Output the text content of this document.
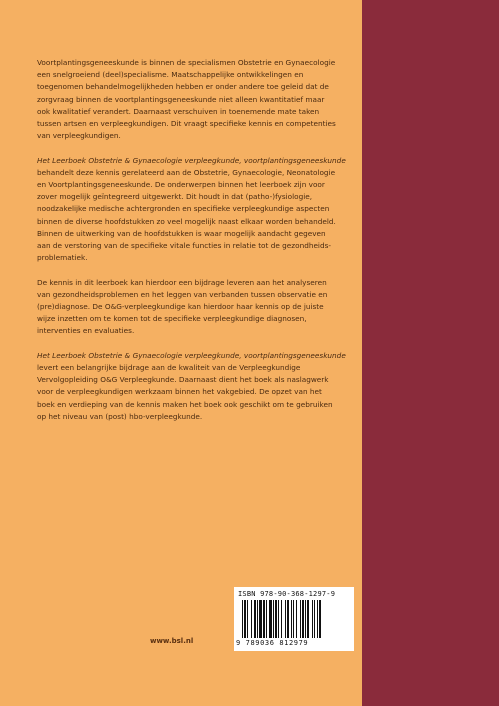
Voortplantingsgeneeskunde is binnen de specialismen Obstetrie en Gynaecologie
een snelgroeiend (deel)specialisme. Maatschappelijke ontwikkelingen en
toegenomen behandelmogelijkheden hebben er onder andere toe geleid dat de
zorgvraag binnen de voortplantingsgeneeskunde niet alleen kwantitatief maar
ook kwalitatief verandert. Daarnaast verschuiven in toenemende mate taken
tussen artsen en verpleegkundigen. Dit vraagt specifieke kennis en competenties
van verpleegkundigen.

Het Leerboek Obstetrie & Gynaecologie verpleegkunde, voortplantingsgeneeskunde
behandelt deze kennis gerelateerd aan de Obstetrie, Gynaecologie, Neonatologie
en Voortplantingsgeneeskunde. De onderwerpen binnen het leerboek zijn voor
zover mogelijk geïntegreerd uitgewerkt. Dit houdt in dat (patho-)fysiologie,
noodzakelijke medische achtergronden en specifieke verpleegkundige aspecten
binnen de diverse hoofdstukken zo veel mogelijk naast elkaar worden behandeld.
Binnen de uitwerking van de hoofdstukken is waar mogelijk aandacht gegeven
aan de verstoring van de specifieke vitale functies in relatie tot de gezondheids-
problematiek.

De kennis in dit leerboek kan hierdoor een bijdrage leveren aan het analyseren
van gezondheidsproblemen en het leggen van verbanden tussen observatie en
(pre)diagnose. De O&G-verpleegkundige kan hierdoor haar kennis op de juiste
wijze inzetten om te komen tot de specifieke verpleegkundige diagnosen,
interventies en evaluaties.

Het Leerboek Obstetrie & Gynaecologie verpleegkunde, voortplantingsgeneeskunde
levert een belangrijke bijdrage aan de kwaliteit van de Verpleegkundige
Vervolgopleiding O&G Verpleegkunde. Daarnaast dient het boek als naslagwerk
voor de verpleegkundigen werkzaam binnen het vakgebied. De opzet van het
boek en verdieping van de kennis maken het boek ook geschikt om te gebruiken
op het niveau van (post) hbo-verpleegkunde.

ISBN 978-90-368-1297-9
9 789036 812979
www.bsl.nl
